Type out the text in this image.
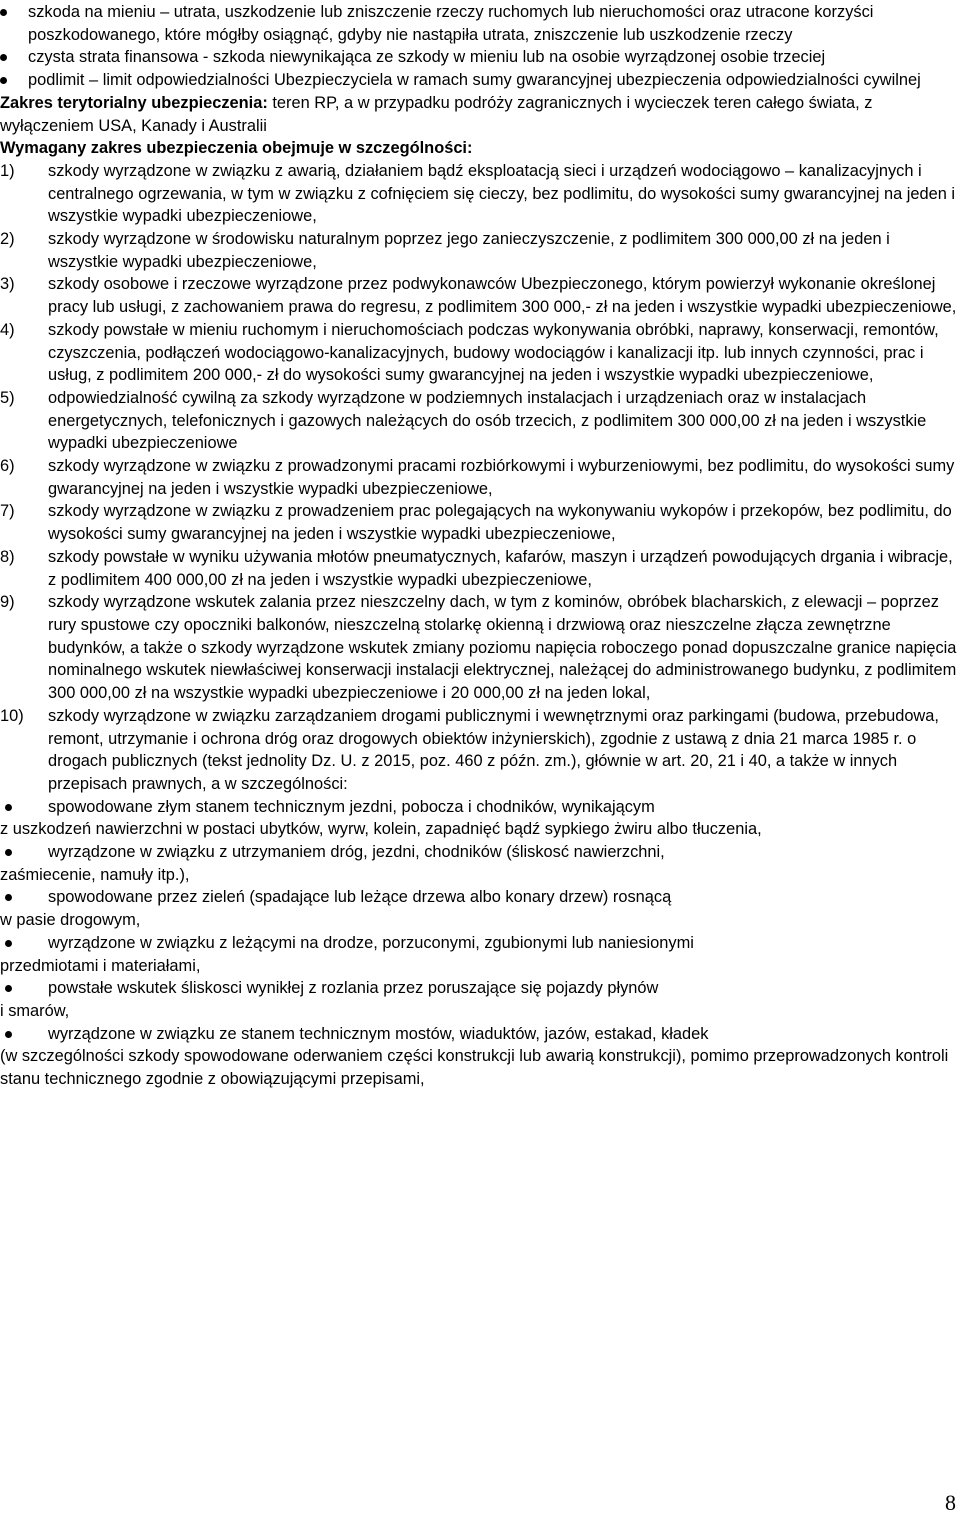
szkoda na mieniu – utrata, uszkodzenie lub zniszczenie rzeczy ruchomych lub nieruchomości oraz utracone korzyści poszkodowanego, które mógłby osiągnąć, gdyby nie nastąpiła utrata, zniszczenie lub uszkodzenie rzeczy
czysta strata finansowa - szkoda niewynikająca ze szkody w mieniu lub na osobie wyrządzonej osobie trzeciej
podlimit – limit odpowiedzialności Ubezpieczyciela w ramach sumy gwarancyjnej ubezpieczenia odpowiedzialności cywilnej
Zakres terytorialny ubezpieczenia: teren RP, a w przypadku podróży zagranicznych i wycieczek teren całego świata, z wyłączeniem USA, Kanady i Australii
Wymagany zakres ubezpieczenia obejmuje w szczególności:
1) szkody wyrządzone w związku z awarią, działaniem bądź eksploatacją sieci i urządzeń wodociągowo – kanalizacyjnych i centralnego ogrzewania, w tym w związku z cofnięciem się cieczy, bez podlimitu, do wysokości sumy gwarancyjnej na jeden i wszystkie wypadki ubezpieczeniowe,
2) szkody wyrządzone w środowisku naturalnym poprzez jego zanieczyszczenie, z podlimitem 300 000,00 zł na jeden i wszystkie wypadki ubezpieczeniowe,
3) szkody osobowe i rzeczowe wyrządzone przez podwykonawców Ubezpieczonego, którym powierzył wykonanie określonej pracy lub usługi, z zachowaniem prawa do regresu, z podlimitem 300 000,- zł na jeden i wszystkie wypadki ubezpieczeniowe,
4) szkody powstałe w mieniu ruchomym i nieruchomościach podczas wykonywania obróbki, naprawy, konserwacji, remontów, czyszczenia, podłączeń wodociągowo-kanalizacyjnych, budowy wodociągów i kanalizacji itp. lub innych czynności, prac i usług, z podlimitem 200 000,- zł do wysokości sumy gwarancyjnej na jeden i wszystkie wypadki ubezpieczeniowe,
5) odpowiedzialność cywilną za szkody wyrządzone w podziemnych instalacjach i urządzeniach oraz w instalacjach energetycznych, telefonicznych i gazowych należących do osób trzecich, z podlimitem 300 000,00 zł na jeden i wszystkie wypadki ubezpieczeniowe
6) szkody wyrządzone w związku z prowadzonymi pracami rozbiórkowymi i wyburzeniowymi, bez podlimitu, do wysokości sumy gwarancyjnej na jeden i wszystkie wypadki ubezpieczeniowe,
7) szkody wyrządzone w związku z prowadzeniem prac polegających na wykonywaniu wykopów i przekopów, bez podlimitu, do wysokości sumy gwarancyjnej na jeden i wszystkie wypadki ubezpieczeniowe,
8) szkody powstałe w wyniku używania młotów pneumatycznych, kafarów, maszyn i urządzeń powodujących drgania i wibracje, z podlimitem 400 000,00 zł na jeden i wszystkie wypadki ubezpieczeniowe,
9) szkody wyrządzone wskutek zalania przez nieszczelny dach, w tym z kominów, obróbek blacharskich, z elewacji – poprzez rury spustowe czy opoczniki balkonów, nieszczelną stolarkę okienną i drzwiową oraz nieszczelne złącza zewnętrzne budynków, a także o szkody wyrządzone wskutek zmiany poziomu napięcia roboczego ponad dopuszczalne granice napięcia nominalnego wskutek niewłaściwej konserwacji instalacji elektrycznej, należącej do administrowanego budynku, z podlimitem 300 000,00 zł na wszystkie wypadki ubezpieczeniowe i 20 000,00 zł na jeden lokal,
10) szkody wyrządzone w związku zarządzaniem drogami publicznymi i wewnętrznymi oraz parkingami (budowa, przebudowa, remont, utrzymanie i ochrona dróg oraz drogowych obiektów inżynierskich), zgodnie z ustawą z dnia 21 marca 1985 r. o drogach publicznych (tekst jednolity Dz. U. z 2015, poz. 460 z późn. zm.), głównie w art. 20, 21 i 40, a także w innych przepisach prawnych, a w szczególności:
spowodowane złym stanem technicznym jezdni, pobocza i chodników, wynikającym
z uszkodzeń nawierzchni w postaci ubytków, wyrw, kolein, zapadnięć bądź sypkiego żwiru albo tłuczenia,
wyrządzone w związku z utrzymaniem dróg, jezdni, chodników (śliskosć nawierzchni,
zaśmiecenie, namuły itp.),
spowodowane przez zieleń (spadające lub leżące drzewa albo konary drzew) rosnącą
w pasie drogowym,
wyrządzone w związku z leżącymi na drodze, porzuconymi, zgubionymi lub naniesionymi
przedmiotami i materiałami,
powstałe wskutek śliskosci wynikłej z rozlania przez poruszające się pojazdy płynów
i smarów,
wyrządzone w związku ze stanem technicznym mostów, wiaduktów, jazów, estakad, kładek
(w szczególności szkody spowodowane oderwaniem części konstrukcji lub awarią konstrukcji), pomimo przeprowadzonych kontroli stanu technicznego zgodnie z obowiązującymi przepisami,
8
